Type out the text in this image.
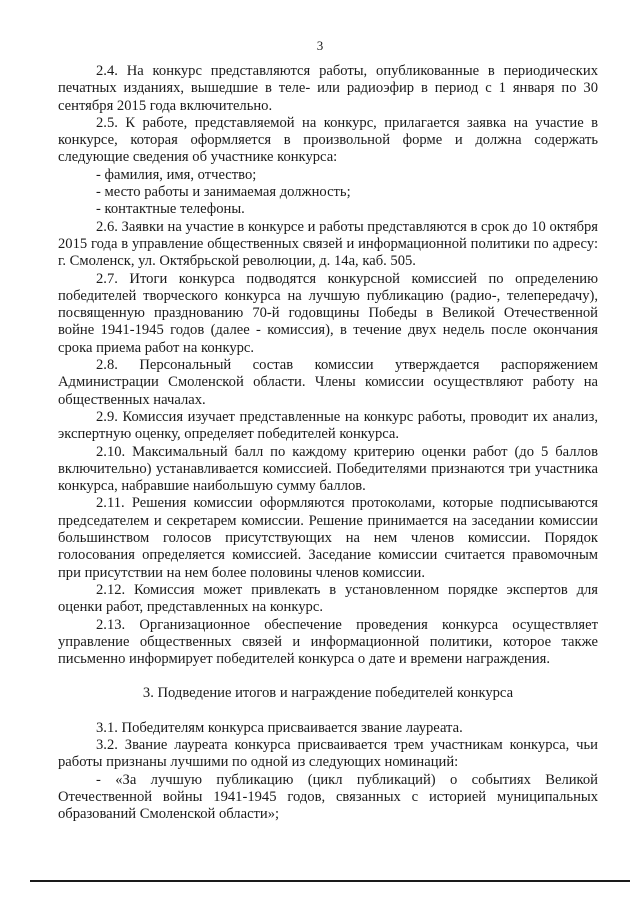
3

2.4. На конкурс представляются работы, опубликованные в периодических печатных изданиях, вышедшие в теле- или радиоэфир в период с 1 января по 30 сентября 2015 года включительно.

2.5. К работе, представляемой на конкурс, прилагается заявка на участие в конкурсе, которая оформляется в произвольной форме и должна содержать следующие сведения об участнике конкурса:

- фамилия, имя, отчество;

- место работы и занимаемая должность;

- контактные телефоны.

2.6. Заявки на участие в конкурсе и работы представляются в срок до 10 октября 2015 года в управление общественных связей и информационной политики по адресу: г. Смоленск, ул. Октябрьской революции, д. 14а, каб. 505.

2.7. Итоги конкурса подводятся конкурсной комиссией по определению победителей творческого конкурса на лучшую публикацию (радио-, телепередачу), посвященную празднованию 70-й годовщины Победы в Великой Отечественной войне 1941-1945 годов (далее - комиссия), в течение двух недель после окончания срока приема работ на конкурс.

2.8. Персональный состав комиссии утверждается распоряжением Администрации Смоленской области. Члены комиссии осуществляют работу на общественных началах.

2.9. Комиссия изучает представленные на конкурс работы, проводит их анализ, экспертную оценку, определяет победителей конкурса.

2.10. Максимальный балл по каждому критерию оценки работ (до 5 баллов включительно) устанавливается комиссией. Победителями признаются три участника конкурса, набравшие наибольшую сумму баллов.

2.11. Решения комиссии оформляются протоколами, которые подписываются председателем и секретарем комиссии. Решение принимается на заседании комиссии большинством голосов присутствующих на нем членов комиссии. Порядок голосования определяется комиссией. Заседание комиссии считается правомочным при присутствии на нем более половины членов комиссии.

2.12. Комиссия может привлекать в установленном порядке экспертов для оценки работ, представленных на конкурс.

2.13. Организационное обеспечение проведения конкурса осуществляет управление общественных связей и информационной политики, которое также письменно информирует победителей конкурса о дате и времени награждения.

3. Подведение итогов и награждение победителей конкурса

3.1. Победителям конкурса присваивается звание лауреата.

3.2. Звание лауреата конкурса присваивается трем участникам конкурса, чьи работы признаны лучшими по одной из следующих номинаций:

- «За лучшую публикацию (цикл публикаций) о событиях Великой Отечественной войны 1941-1945 годов, связанных с историей муниципальных образований Смоленской области»;
